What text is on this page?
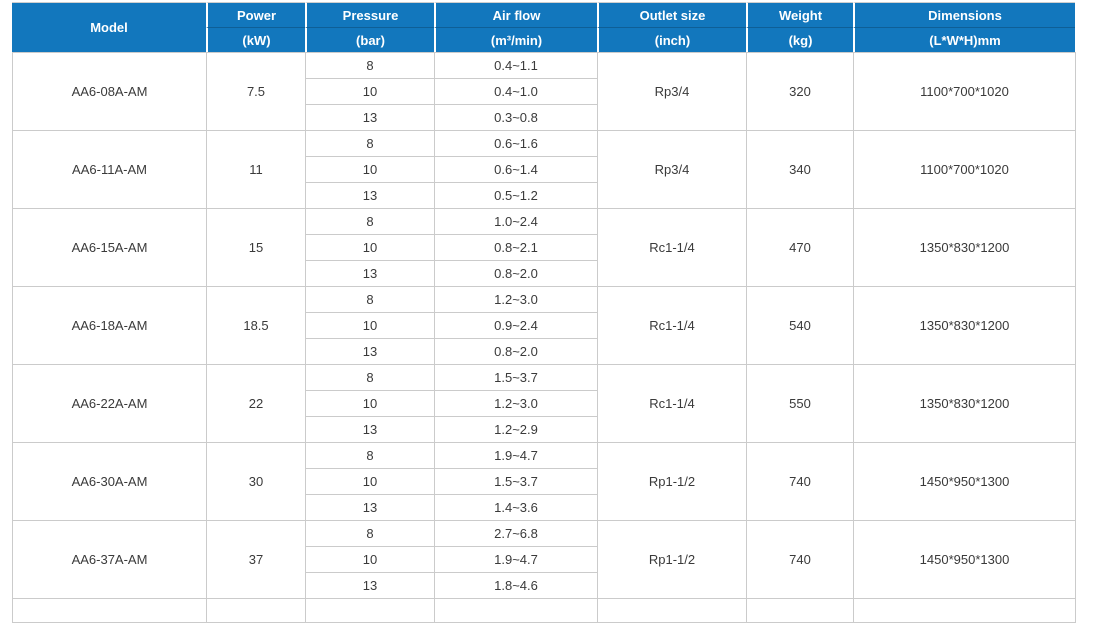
Model	Power	Pressure	Air flow	Outlet size	Weight	Dimensions
	(kW)	(bar)	(m³/min)	(inch)	(kg)	(L*W*H)mm
AA6-08A-AM	7.5	8	0.4~1.1	Rp3/4	320	1100*700*1020
		10	0.4~1.0			
		13	0.3~0.8			
AA6-11A-AM	11	8	0.6~1.6	Rp3/4	340	1100*700*1020
		10	0.6~1.4			
		13	0.5~1.2			
AA6-15A-AM	15	8	1.0~2.4	Rc1-1/4	470	1350*830*1200
		10	0.8~2.1			
		13	0.8~2.0			
AA6-18A-AM	18.5	8	1.2~3.0	Rc1-1/4	540	1350*830*1200
		10	0.9~2.4			
		13	0.8~2.0			
AA6-22A-AM	22	8	1.5~3.7	Rc1-1/4	550	1350*830*1200
		10	1.2~3.0			
		13	1.2~2.9			
AA6-30A-AM	30	8	1.9~4.7	Rp1-1/2	740	1450*950*1300
		10	1.5~3.7			
		13	1.4~3.6			
AA6-37A-AM	37	8	2.7~6.8	Rp1-1/2	740	1450*950*1300
		10	1.9~4.7			
		13	1.8~4.6			
